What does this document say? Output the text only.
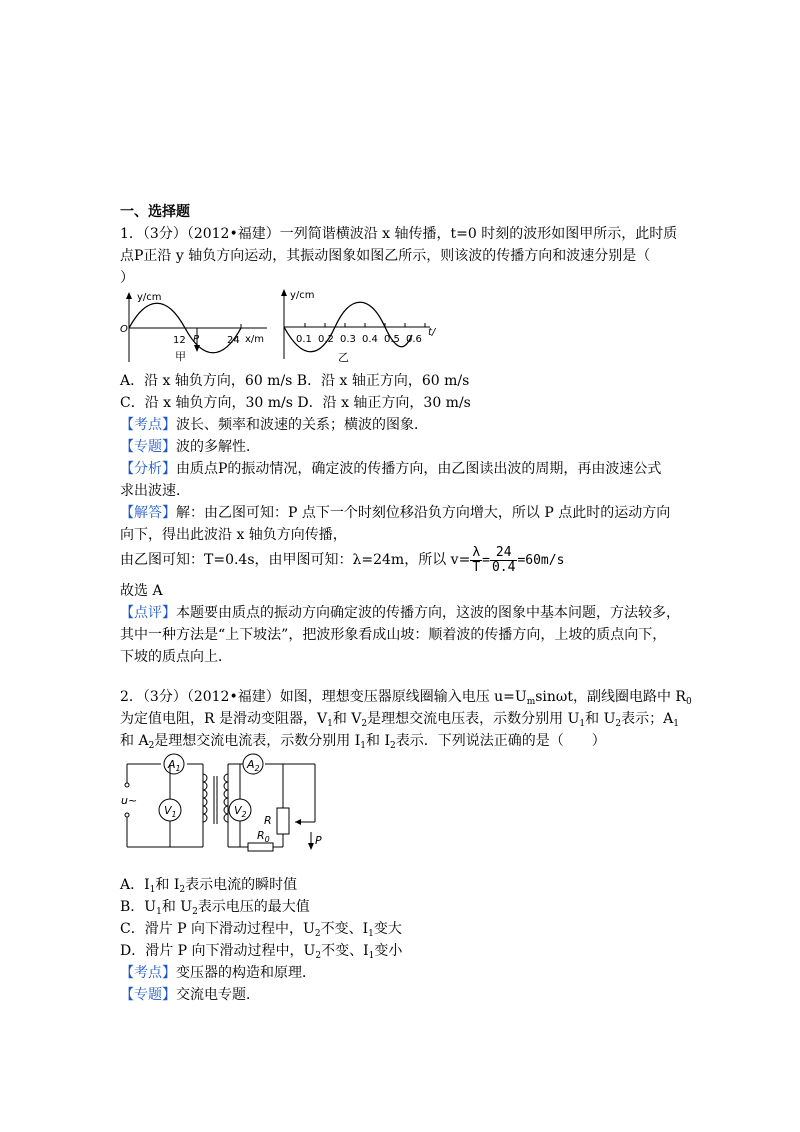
一、选择题
1．（3分）（2012•福建）一列简谐横波沿 x 轴传播，t=0 时刻的波形如图甲所示，此时质
点P正沿 y 轴负方向运动，其振动图象如图乙所示，则该波的传播方向和波速分别是（
）
y/cm
O
12 P	24 x/m
甲
y/cm
t/
0.1 0.2 0.3 0.4 0.5 0.6
乙
A．沿 x 轴负方向，60 m/s B．沿 x 轴正方向，60 m/s
C．沿 x 轴负方向，30 m/s D．沿 x 轴正方向，30 m/s
【考点】波长、频率和波速的关系；横波的图象．
【专题】波的多解性．
【分析】由质点P的振动情况，确定波的传播方向，由乙图读出波的周期，再由波速公式
求出波速．
【解答】解：由乙图可知：P 点下一个时刻位移沿负方向增大，所以 P 点此时的运动方向
向下，得出此波沿 x 轴负方向传播，
由乙图可知：T=0.4s，由甲图可知：λ=24m，所以 $v= \frac{\lambda}{T} = \frac{24}{0.4} =60m/s$
故选 A
【点评】本题要由质点的振动方向确定波的传播方向，这波的图象中基本问题，方法较多，
其中一种方法是“上下坡法”，把波形象看成山坡：顺着波的传播方向，上坡的质点向下，
下坡的质点向上．
2．（3分）（2012•福建）如图，理想变压器原线圈输入电压 $u=U_m\sin\omega t$，副线圈电路中 $R_0$
为定值电阻，R 是滑动变阻器，$V_1$和 $V_2$是理想交流电压表，示数分别用 $U_1$和 $U_2$表示；$A_1$
和 $A_2$是理想交流电流表，示数分别用 $I_1$和 $I_2$表示．下列说法正确的是（　　）
$A_1$	$A_2$
$V_1$	$V_2$
u~
R
$R_0$	P
A．$I_1$和 $I_2$表示电流的瞬时值
B．$U_1$和 $U_2$表示电压的最大值
C．滑片 P 向下滑动过程中，$U_2$不变、$I_1$变大
D．滑片 P 向下滑动过程中，$U_2$不变、$I_1$变小
【考点】变压器的构造和原理．
【专题】交流电专题．
